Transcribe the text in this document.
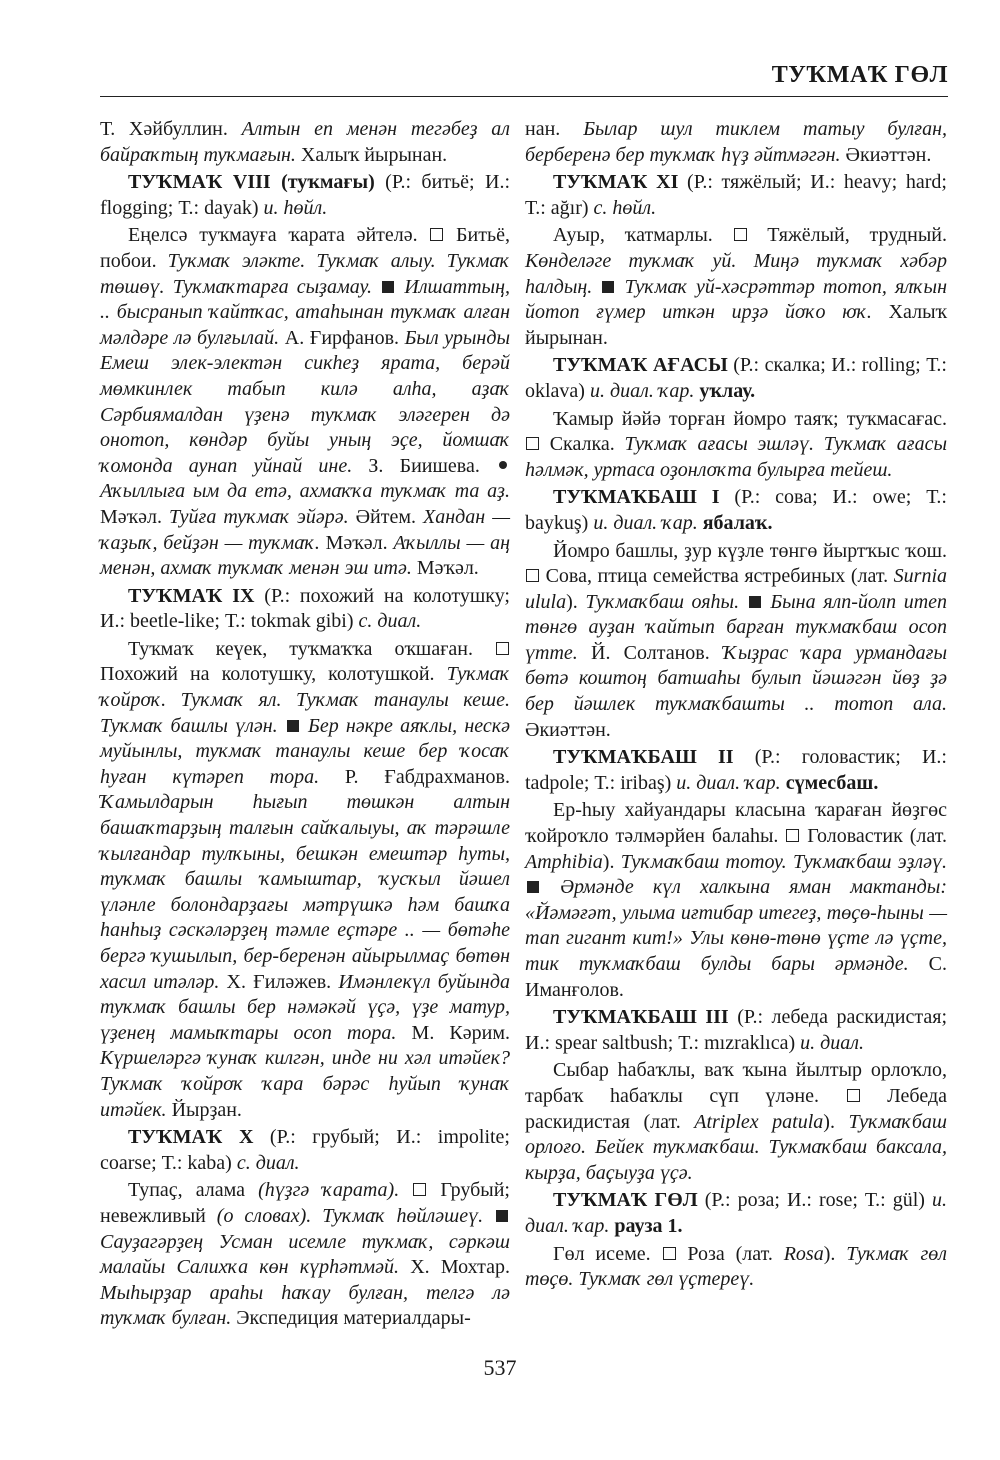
ТУҠМАҠ ГӨЛ

Т. Хәйбуллин. Алтын еп менән тегәбеҙ ал байраҡтың туҡмағын. Халыҡ йырынан.

ТУҠМАҠ VIII (туҡмағы) (Р.: битьё; И.: flogging; Т.: dayak) и. һөйл.

Еңелсә туҡмауға ҡарата әйтелә.  Битьё, побои. Туҡмаҡ эләкте. Туҡмаҡ алыу. Туҡмаҡ төшөү. Туҡмаҡтарға сыҙамау. Илшаттың, .. бысранып ҡайтҡас, атаһынан туҡмаҡ алған мәлдәре лә булғылай. А. Ғирфанов. Был урынды Емеш элек-электән сикһеҙ ярата, берәй мөмкинлек табып килә алһа, аҙаҡ Сәрбиямалдан үҙенә туҡмаҡ эләгерен дә онотоп, көндәр буйы уның эҫе, йомшаҡ ҡомонда аунап уйнай ине. З. Биишева.  Аҡыллыға ым да етә, ахмаҡҡа туҡмаҡ та аҙ. Мәҡәл. Туйға туҡмаҡ эйәрә. Әйтем. Хандан — ҡаҙыҡ, бейҙән — туҡмаҡ. Мәҡәл. Аҡыллы — аң менән, ахмаҡ туҡмаҡ менән эш итә. Мәҡәл.

ТУҠМАҠ IX (Р.: похожий на колотушку; И.: beetle-like; Т.: tokmak gibi) с. диал.

Туҡмаҡ кеүек, туҡмаҡҡа оҡшаған.  Похожий на колотушку, колотушкой. Туҡмаҡ ҡойроҡ. Туҡмаҡ ял. Туҡмаҡ танаулы кеше. Туҡмаҡ башлы үлән. Бер нәкре аяҡлы, нескә муйынлы, туҡмаҡ танаулы кеше бер ҡосаҡ һуған күтәреп тора. Р. Ғабдрахманов. Ҡамылдарын һығып төшкән алтын башаҡтарҙың талғын сайҡалыуы, аҡ тәрәшле ҡылғандар тулҡыны, бешкән емештәр һуты, туҡмаҡ башлы ҡамыштар, ҡусҡыл йәшел үләнле болондарҙағы мәтрүшкә һәм башҡа һанһыҙ сәскәләрҙең тәмле еҫтәре .. — бөтәһе бергә ҡушылып, бер-беренән айырылмаҫ бөтөн хасил итәләр. Х. Ғиләжев. Имәнлекүл буйында туҡмаҡ башлы бер нәмәкәй үҫә, үҙе матур, үҙенең мамыҡтары осоп тора. М. Кәрим. Күршеләргә ҡунаҡ килгән, инде ни хәл итәйек? Туҡмаҡ ҡойроҡ ҡара бәрәс һуйып ҡунаҡ итәйек. Йырҙан.

ТУҠМАҠ X (Р.: грубый; И.: impolite; coarse; Т.: kaba) с. диал.

Тупаҫ, алама (һүҙгә ҡарата).  Грубый; невежливый (о словах). Туҡмаҡ һөйләшеү.  Сауҙагәрҙең Усман исемле туҡмаҡ, сәркәш малайы Салихҡа көн күрһәтмәй. Х. Мохтар. Мыһырҙар араһы һаҡау булған, телгә лә туҡмаҡ булған. Экспедиция материалдары-

нан. Былар шул тиклем татыу булған, берберенә бер туҡмаҡ һүҙ әйтмәгән. Әкиәттән.

ТУҠМАҠ XI (Р.: тяжёлый; И.: heavy; hard; Т.: ağır) с. һөйл.

Ауыр, ҡатмарлы.  Тяжёлый, трудный. Көнделәге туҡмаҡ уй. Миңә туҡмаҡ хәбәр һалдың. Туҡмаҡ уй-хәсрәттәр тотоп, ялҡын йотоп ғүмер иткән ирҙә йоҡо юҡ. Халыҡ йырынан.

ТУҠМАҠ АҒАСЫ (Р.: скалка; И.: rolling; Т.: oklava) и. диал. ҡар. уҡлау.

Ҡамыр йәйә торған йомро таяҡ; туҡмасағас.  Скалка. Туҡмаҡ ағасы эшләү. Туҡмаҡ ағасы һәлмәк, уртаса оҙонлоҡта булырға тейеш.

ТУҠМАҠБАШ I (Р.: сова; И.: owe; Т.: baykuş) и. диал. ҡар. ябалаҡ.

Йомро башлы, ҙур күҙле төнгө йыртҡыс ҡош.  Сова, птица семейства ястребиных (лат. Surnia ulula). Туҡмаҡбаш ояһы. Бына ялп-йолп итеп төнгө ауҙан ҡайтып барған туҡмаҡбаш осоп үтте. Й. Солтанов. Ҡыҙрас ҡара урмандағы бөтә коштоң батшаһы булып йәшәгән йөҙ ҙә бер йәшлек туҡмаҡбашты .. тотоп ала. Әкиәттән.

ТУҠМАҠБАШ II (Р.: головастик; И.: tadpole; Т.: iribaş) и. диал. ҡар. сүмесбаш.

Ер-һыу хайуандары класына ҡараған йөҙгөс ҡойроҡло тәлмәрйен балаһы.  Головастик (лат. Amphibia). Туҡмаҡбаш тотоу. Туҡмаҡбаш эҙләү.  Әрмәнде күл халкына яман мактанды: «Йәмәғәт, улыма иғтибар итегеҙ, төҫө-һыны — тап гигант кит!» Улы көнө-төнө үҫте лә үҫте, тик туҡмаҡбаш булды бары әрмәнде. С. Иманғолов.

ТУҠМАҠБАШ III (Р.: лебеда раскидистая; И.: spear saltbush; Т.: mızraklıca) и. диал.

Сыбар һабаҡлы, ваҡ ҡына йылтыр орлоҡло, тарбаҡ һабаҡлы сүп үләне.  Лебеда раскидистая (лат. Atriplex patula). Туҡмаҡбаш орлоғо. Бейек туҡмаҡбаш. Туҡмаҡбаш баксала, кырҙа, баҫыуҙа үҫә.

ТУҠМАҠ ГӨЛ (Р.: роза; И.: rose; Т.: gül) и. диал. ҡар. рауза 1.

Гөл исеме.  Роза (лат. Rosa). Туҡмаҡ гөл төҫө. Туҡмаҡ гөл үҫтереү.

537
